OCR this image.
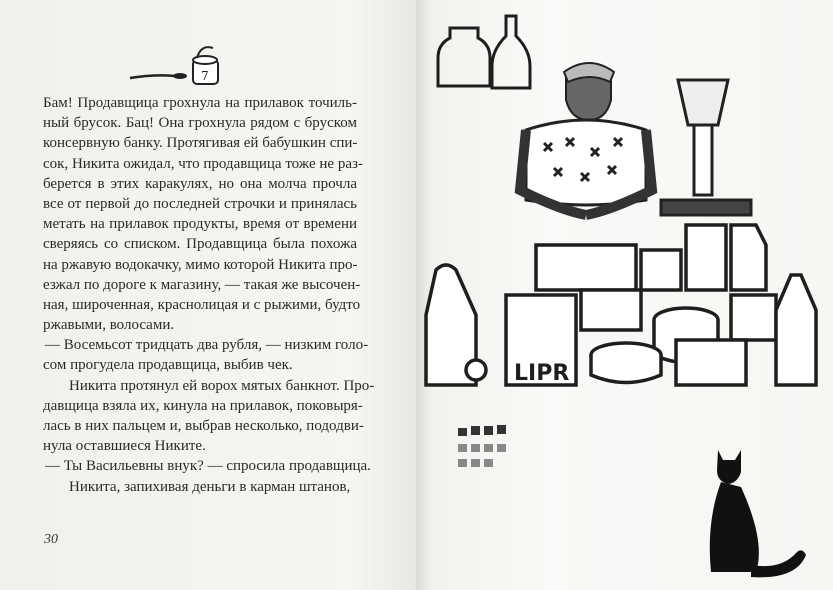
7
Бам! Продавщица грохнула на прилавок точиль-
ный брусок. Бац! Она грохнула рядом с бруском
консервную банку. Протягивая ей бабушкин спи-
сок, Никита ожидал, что продавщица тоже не раз-
берется в этих каракулях, но она молча прочла
все от первой до последней строчки и принялась
метать на прилавок продукты, время от времени
сверяясь со списком. Продавщица была похожа
на ржавую водокачку, мимо которой Никита про-
езжал по дороге к магазину, — такая же высочен-
ная, широченная, краснолицая и с рыжими, будто
ржавыми, волосами.
— Восемьсот тридцать два рубля, — низким голо-
сом прогудела продавщица, выбив чек.
Никита протянул ей ворох мятых банкнот. Про-
давщица взяла их, кинула на прилавок, поковыря-
лась в них пальцем и, выбрав несколько, пододви-
нула оставшиеся Никите.
— Ты Васильевны внук? — спросила продавщица.
Никита, запихивая деньги в карман штанов,
30
LIPR
